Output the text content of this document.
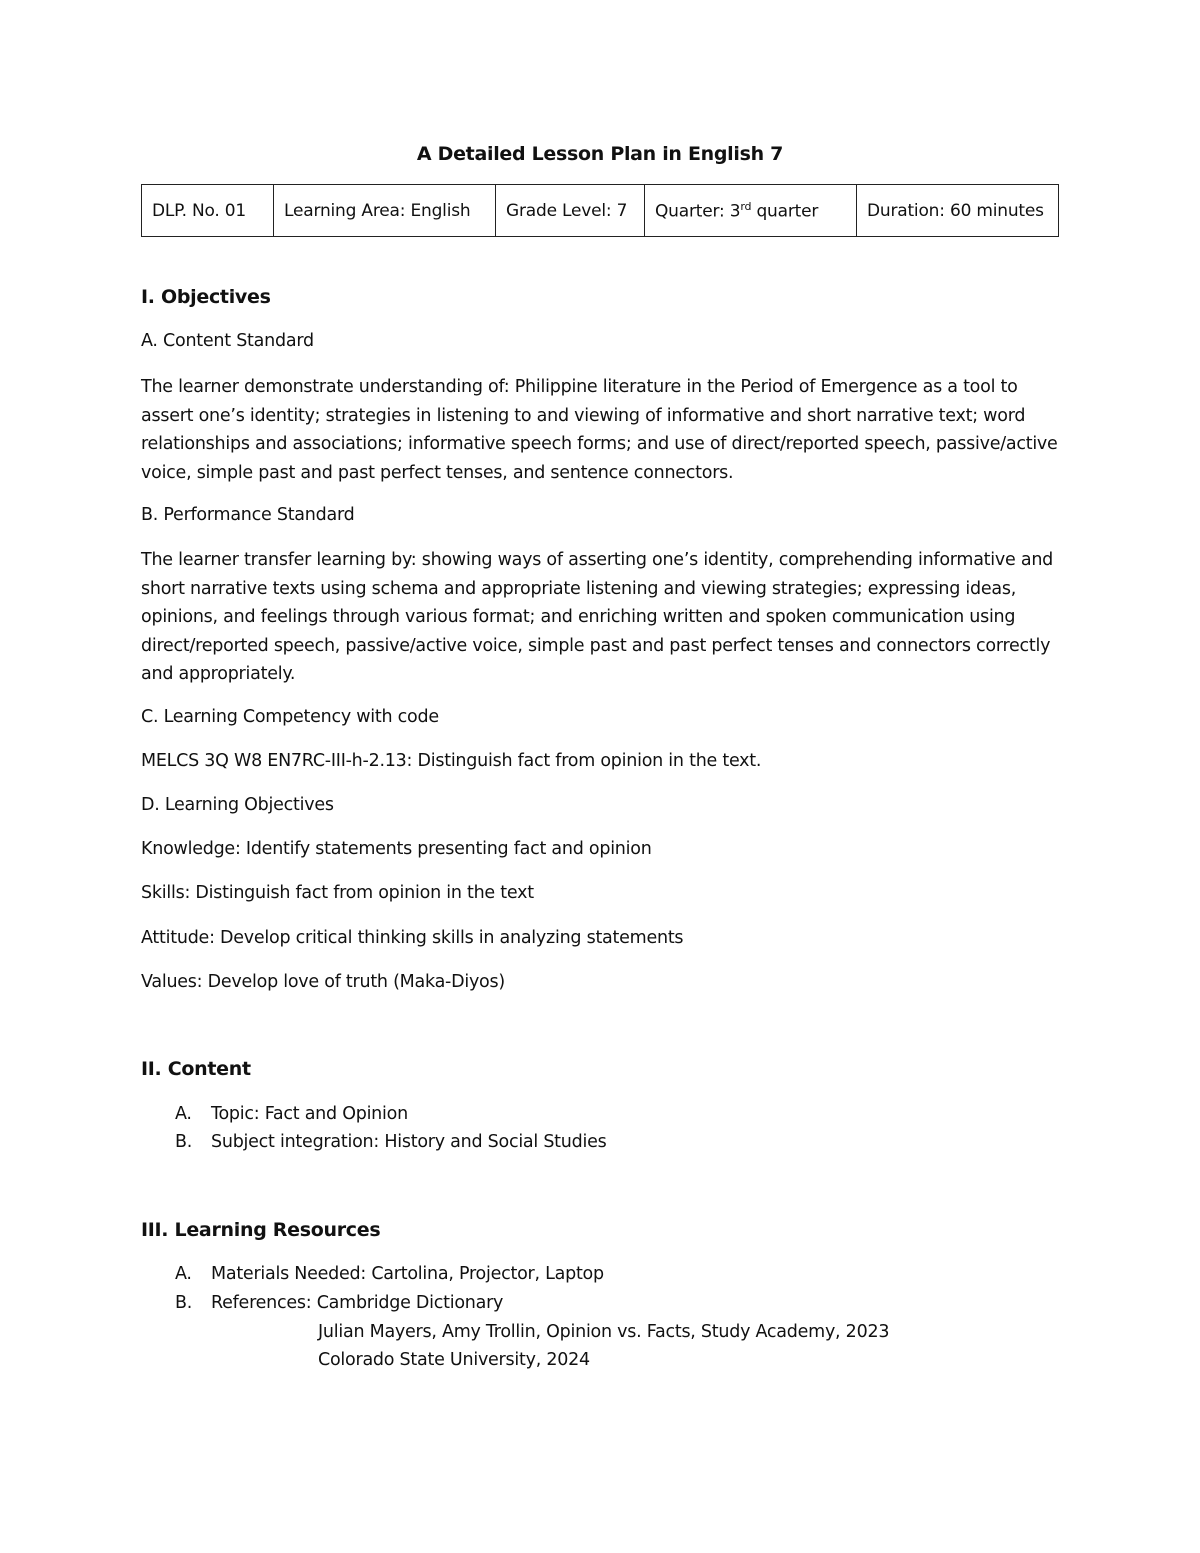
A Detailed Lesson Plan in English 7
DLP. No. 01	Learning Area: English	Grade Level: 7	Quarter: 3rd quarter	Duration: 60 minutes
I. Objectives
A. Content Standard
The learner demonstrate understanding of: Philippine literature in the Period of Emergence as a tool to assert one’s identity; strategies in listening to and viewing of informative and short narrative text; word relationships and associations; informative speech forms; and use of direct/reported speech, passive/active voice, simple past and past perfect tenses, and sentence connectors.
B. Performance Standard
The learner transfer learning by: showing ways of asserting one’s identity, comprehending informative and short narrative texts using schema and appropriate listening and viewing strategies; expressing ideas, opinions, and feelings through various format; and enriching written and spoken communication using direct/reported speech, passive/active voice, simple past and past perfect tenses and connectors correctly and appropriately.
C. Learning Competency with code
MELCS 3Q W8 EN7RC-III-h-2.13: Distinguish fact from opinion in the text.
D. Learning Objectives
Knowledge: Identify statements presenting fact and opinion
Skills: Distinguish fact from opinion in the text
Attitude: Develop critical thinking skills in analyzing statements
Values: Develop love of truth (Maka-Diyos)
II. Content
A. Topic: Fact and Opinion
B. Subject integration: History and Social Studies
III. Learning Resources
A. Materials Needed: Cartolina, Projector, Laptop
B. References: Cambridge Dictionary
Julian Mayers, Amy Trollin, Opinion vs. Facts, Study Academy, 2023
Colorado State University, 2024
